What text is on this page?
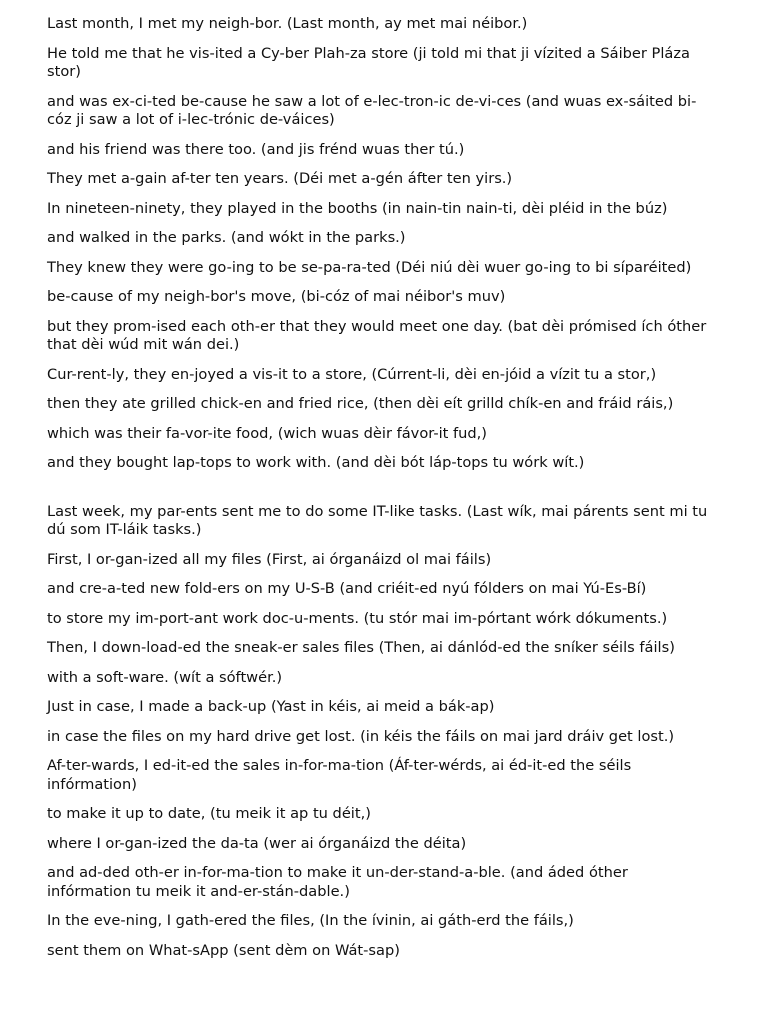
Last month, I met my neigh-bor. (Last month, ay met mai néibor.)
He told me that he vis-ited a Cy-ber Plah-za store (ji told mi that ji vízited a Sáiber Pláza stor)
and was ex-ci-ted be-cause he saw a lot of e-lec-tron-ic de-vi-ces (and wuas ex-sáited bi-cóz ji saw a lot of i-lec-trónic de-váices)
and his friend was there too. (and jis frénd wuas ther tú.)
They met a-gain af-ter ten years. (Déi met a-gén áfter ten yirs.)
In nineteen-ninety, they played in the booths (in nain-tin nain-ti, dèi pléid in the búz)
and walked in the parks. (and wókt in the parks.)
They knew they were go-ing to be se-pa-ra-ted (Déi niú dèi wuer go-ing to bi síparéited)
be-cause of my neigh-bor's move, (bi-cóz of mai néibor's muv)
but they prom-ised each oth-er that they would meet one day. (bat dèi prómised ích óther that dèi wúd mit wán dei.)
Cur-rent-ly, they en-joyed a vis-it to a store, (Cúrrent-li, dèi en-jóid a vízit tu a stor,)
then they ate grilled chick-en and fried rice, (then dèi eít grilld chík-en and fráid ráis,)
which was their fa-vor-ite food, (wich wuas dèir fávor-it fud,)
and they bought lap-tops to work with. (and dèi bót láp-tops tu wórk wít.)
Last week, my par-ents sent me to do some IT-like tasks. (Last wík, mai párents sent mi tu dú som IT-láik tasks.)
First, I or-gan-ized all my files (First, ai órganáizd ol mai fáils)
and cre-a-ted new fold-ers on my U-S-B (and criéit-ed nyú fólders on mai Yú-Es-Bí)
to store my im-port-ant work doc-u-ments. (tu stór mai im-pórtant wórk dókuments.)
Then, I down-load-ed the sneak-er sales files (Then, ai dánlód-ed the sníker séils fáils)
with a soft-ware. (wít a sóftwér.)
Just in case, I made a back-up (Yast in kéis, ai meid a bák-ap)
in case the files on my hard drive get lost. (in kéis the fáils on mai jard dráiv get lost.)
Af-ter-wards, I ed-it-ed the sales in-for-ma-tion (Áf-ter-wérds, ai éd-it-ed the séils infórmation)
to make it up to date, (tu meik it ap tu déit,)
where I or-gan-ized the da-ta (wer ai órganáizd the déita)
and ad-ded oth-er in-for-ma-tion to make it un-der-stand-a-ble. (and áded óther infórmation tu meik it and-er-stán-dable.)
In the eve-ning, I gath-ered the files, (In the ívinin, ai gáth-erd the fáils,)
sent them on What-sApp (sent dèm on Wát-sap)
